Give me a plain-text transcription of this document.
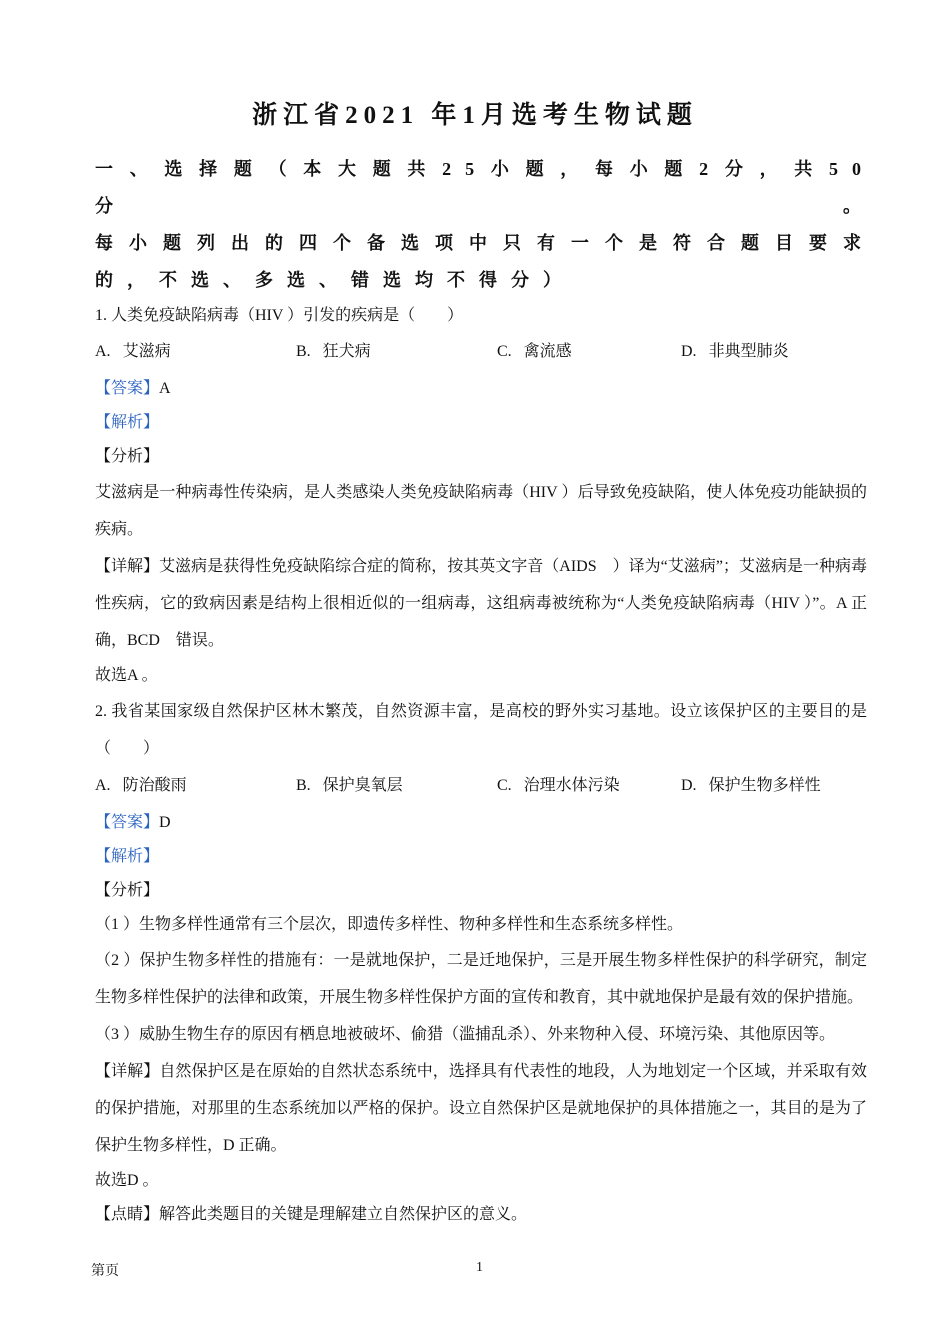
浙江省2021 年1月选考生物试题
一、选择题（本大题共25小题，每小题2分，共50分。
每小题列出的四个备选项中只有一个是符合题目要求
的，不选、多选、错选均不得分）
1. 人类免疫缺陷病毒（HIV ）引发的疾病是（　　）
A. 艾滋病	B. 狂犬病	C. 禽流感	D. 非典型肺炎
【答案】A
【解析】
【分析】
艾滋病是一种病毒性传染病，是人类感染人类免疫缺陷病毒（HIV ）后导致免疫缺陷，使人体免疫功能缺损的疾病。
【详解】艾滋病是获得性免疫缺陷综合症的简称，按其英文字音（AIDS　）译为“艾滋病”；艾滋病是一种病毒性疾病，它的致病因素是结构上很相近似的一组病毒，这组病毒被统称为“人类免疫缺陷病毒（HIV ）”。A 正确，BCD　错误。
故选A 。
2. 我省某国家级自然保护区林木繁茂，自然资源丰富，是高校的野外实习基地。设立该保护区的主要目的是（　　）
A. 防治酸雨	B. 保护臭氧层	C. 治理水体污染	D. 保护生物多样性
【答案】D
【解析】
【分析】
（1 ）生物多样性通常有三个层次，即遗传多样性、物种多样性和生态系统多样性。
（2 ）保护生物多样性的措施有：一是就地保护，二是迁地保护，三是开展生物多样性保护的科学研究，制定生物多样性保护的法律和政策，开展生物多样性保护方面的宣传和教育，其中就地保护是最有效的保护措施。
（3 ）威胁生物生存的原因有栖息地被破坏、偷猎（滥捕乱杀）、外来物种入侵、环境污染、其他原因等。
【详解】自然保护区是在原始的自然状态系统中，选择具有代表性的地段，人为地划定一个区域，并采取有效的保护措施，对那里的生态系统加以严格的保护。设立自然保护区是就地保护的具体措施之一，其目的是为了保护生物多样性，D 正确。
故选D 。
【点睛】解答此类题目的关键是理解建立自然保护区的意义。
第页	1
